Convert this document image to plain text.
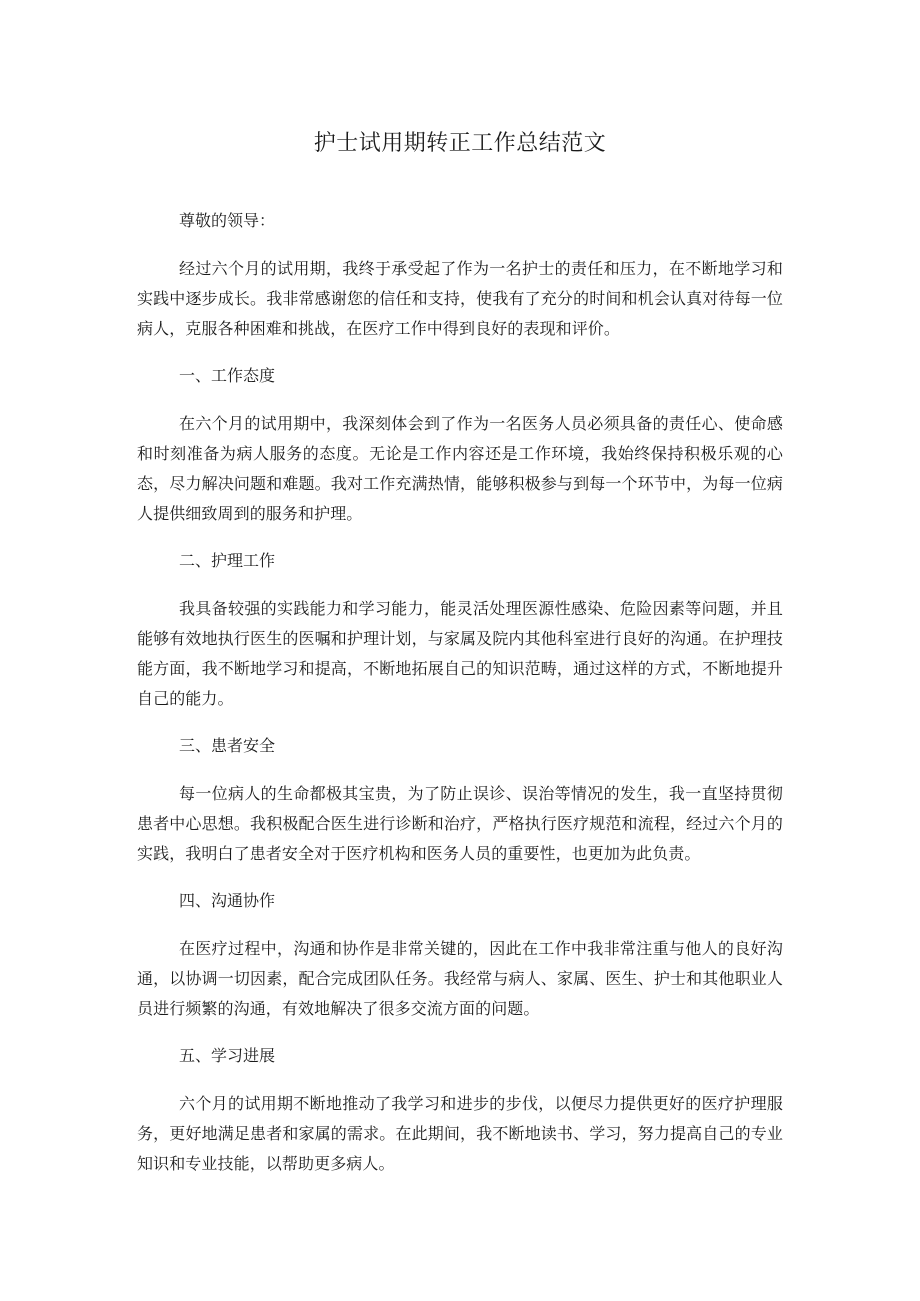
护士试用期转正工作总结范文

尊敬的领导：

经过六个月的试用期，我终于承受起了作为一名护士的责任和压力，在不断地学习和实践中逐步成长。我非常感谢您的信任和支持，使我有了充分的时间和机会认真对待每一位病人，克服各种困难和挑战，在医疗工作中得到良好的表现和评价。

一、工作态度

在六个月的试用期中，我深刻体会到了作为一名医务人员必须具备的责任心、使命感和时刻准备为病人服务的态度。无论是工作内容还是工作环境，我始终保持积极乐观的心态，尽力解决问题和难题。我对工作充满热情，能够积极参与到每一个环节中，为每一位病人提供细致周到的服务和护理。

二、护理工作

我具备较强的实践能力和学习能力，能灵活处理医源性感染、危险因素等问题，并且能够有效地执行医生的医嘱和护理计划，与家属及院内其他科室进行良好的沟通。在护理技能方面，我不断地学习和提高，不断地拓展自己的知识范畴，通过这样的方式，不断地提升自己的能力。

三、患者安全

每一位病人的生命都极其宝贵，为了防止误诊、误治等情况的发生，我一直坚持贯彻患者中心思想。我积极配合医生进行诊断和治疗，严格执行医疗规范和流程，经过六个月的实践，我明白了患者安全对于医疗机构和医务人员的重要性，也更加为此负责。

四、沟通协作

在医疗过程中，沟通和协作是非常关键的，因此在工作中我非常注重与他人的良好沟通，以协调一切因素，配合完成团队任务。我经常与病人、家属、医生、护士和其他职业人员进行频繁的沟通，有效地解决了很多交流方面的问题。

五、学习进展

六个月的试用期不断地推动了我学习和进步的步伐，以便尽力提供更好的医疗护理服务，更好地满足患者和家属的需求。在此期间，我不断地读书、学习，努力提高自己的专业知识和专业技能，以帮助更多病人。
